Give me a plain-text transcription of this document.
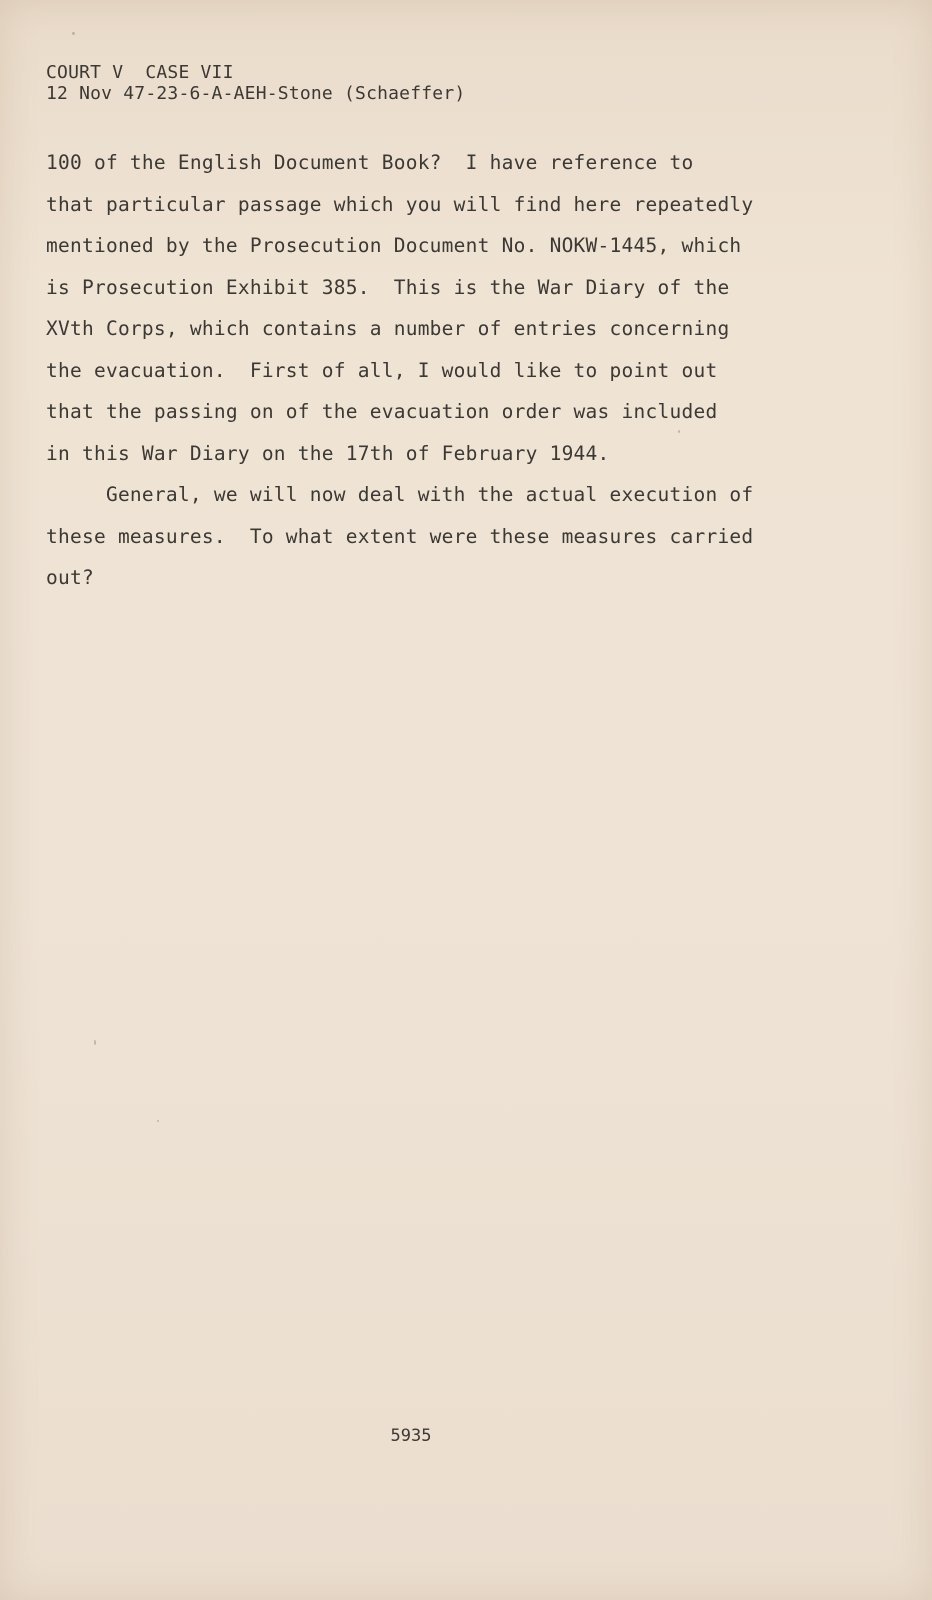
COURT V  CASE VII
12 Nov 47-23-6-A-AEH-Stone (Schaeffer)
100 of the English Document Book?  I have reference to
that particular passage which you will find here repeatedly
mentioned by the Prosecution Document No. NOKW-1445, which
is Prosecution Exhibit 385.  This is the War Diary of the
XVth Corps, which contains a number of entries concerning
the evacuation.  First of all, I would like to point out
that the passing on of the evacuation order was included
in this War Diary on the 17th of February 1944.
General, we will now deal with the actual execution of
these measures.  To what extent were these measures carried
out?
5935
